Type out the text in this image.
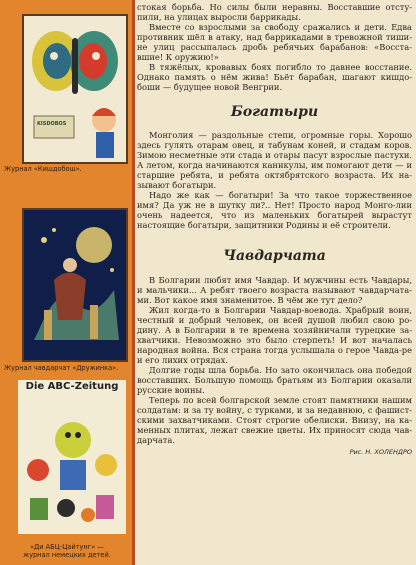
KISDOBOS
Журнал «Кишдобош».
Журнал чавдарчат «Дружинка».
Die ABC-Zeitung
«Ди АБЦ-Цайтунг» —
журнал немецких детей.

стокая борьба. Но силы были неравны. Восставшие отсту-пили, на улицах выросли баррикады.

Вместе со взрослыми за свободу сражались и дети. Едва противник шёл в атаку, над баррикадами в тревожной тиши-не улиц рассыпалась дробь ребячьих барабанов: «Восста-вшие! К оружию!»

В тяжёлых, кровавых боях погибло то давнее восстание. Однако память о нём жива! Бьёт барабан, шагают кишдо-боши — будущее новой Венгрии.

Богатыри

Монголия — раздольные степи, огромные горы. Хорошо здесь гулять отарам овец, и табунам коней, и стадам коров. Зимою несметные эти стада и отары пасут взрослые пастухи. А летом, когда начинаются каникулы, им помогают дети — и старшие ребята, и ребята октябрятского возраста. Их на-зывают богатыри.

Надо же как — богатыри! За что такое торжественное имя? Да уж не в шутку ли?.. Нет! Просто народ Монго-лии очень надеется, что из маленьких богатырей вырастут настоящие богатыри, защитники Родины и её строители.

Чавдарчата

В Болгарии любят имя Чавдар. И мужчины есть Чавдары, и мальчики... А ребят твоего возраста называют чавдарчата-ми. Вот какое имя знаменитое. В чём же тут дело?

Жил когда-то в Болгарии Чавдар-воевода. Храбрый воин, честный и добрый человек, он всей душой любил свою ро-дину. А в Болгарии в те времена хозяйничали турецкие за-хватчики. Невозможно это было стерпеть! И вот началась народная война. Вся страна тогда услышала о герое Чавда-ре и его лихих отрядах.

Долгие годы шла борьба. Но зато окончилась она победой восставших. Большую помощь братьям из Болгарии оказали русские воины.

Теперь по всей болгарской земле стоят памятники нашим солдатам: и за ту войну, с турками, и за недавнюю, с фашист-скими захватчиками. Стоят строгие обелиски. Внизу, на ка-менных плитах, лежат свежие цветы. Их приносят сюда чав-дарчата.

Рис. Н. ХОЛЕНДРО
